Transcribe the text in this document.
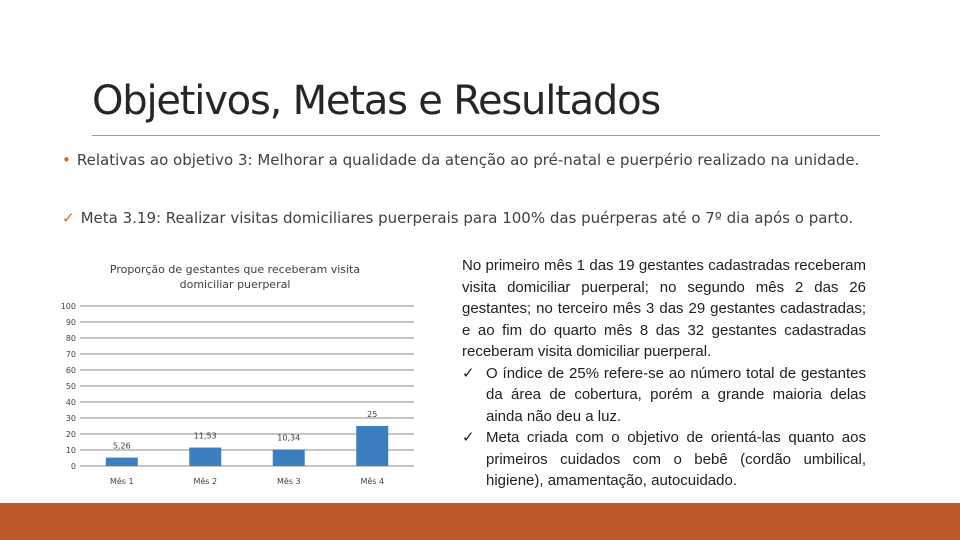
Objetivos, Metas e Resultados
• Relativas ao objetivo 3: Melhorar a qualidade da atenção ao pré-natal e puerpério realizado na unidade.
✓ Meta 3.19: Realizar visitas domiciliares puerperais para 100% das puérperas até o 7º dia após o parto.
Proporção de gestantes que receberam visita
domiciliar puerperal
0
10
20
30
40
50
60
70
80
90
100
5,26
Mês 1
11,53
Mês 2
10,34
Mês 3
25
Mês 4
No primeiro mês 1 das 19 gestantes cadastradas receberam visita domiciliar puerperal; no segundo mês 2 das 26 gestantes; no terceiro mês 3 das 29 gestantes cadastradas; e ao fim do quarto mês 8 das 32 gestantes cadastradas receberam visita domiciliar puerperal.
✓ O índice de 25% refere-se ao número total de gestantes da área de cobertura, porém a grande maioria delas ainda não deu a luz.
✓ Meta criada com o objetivo de orientá-las quanto aos primeiros cuidados com o bebê (cordão umbilical, higiene), amamentação, autocuidado.
